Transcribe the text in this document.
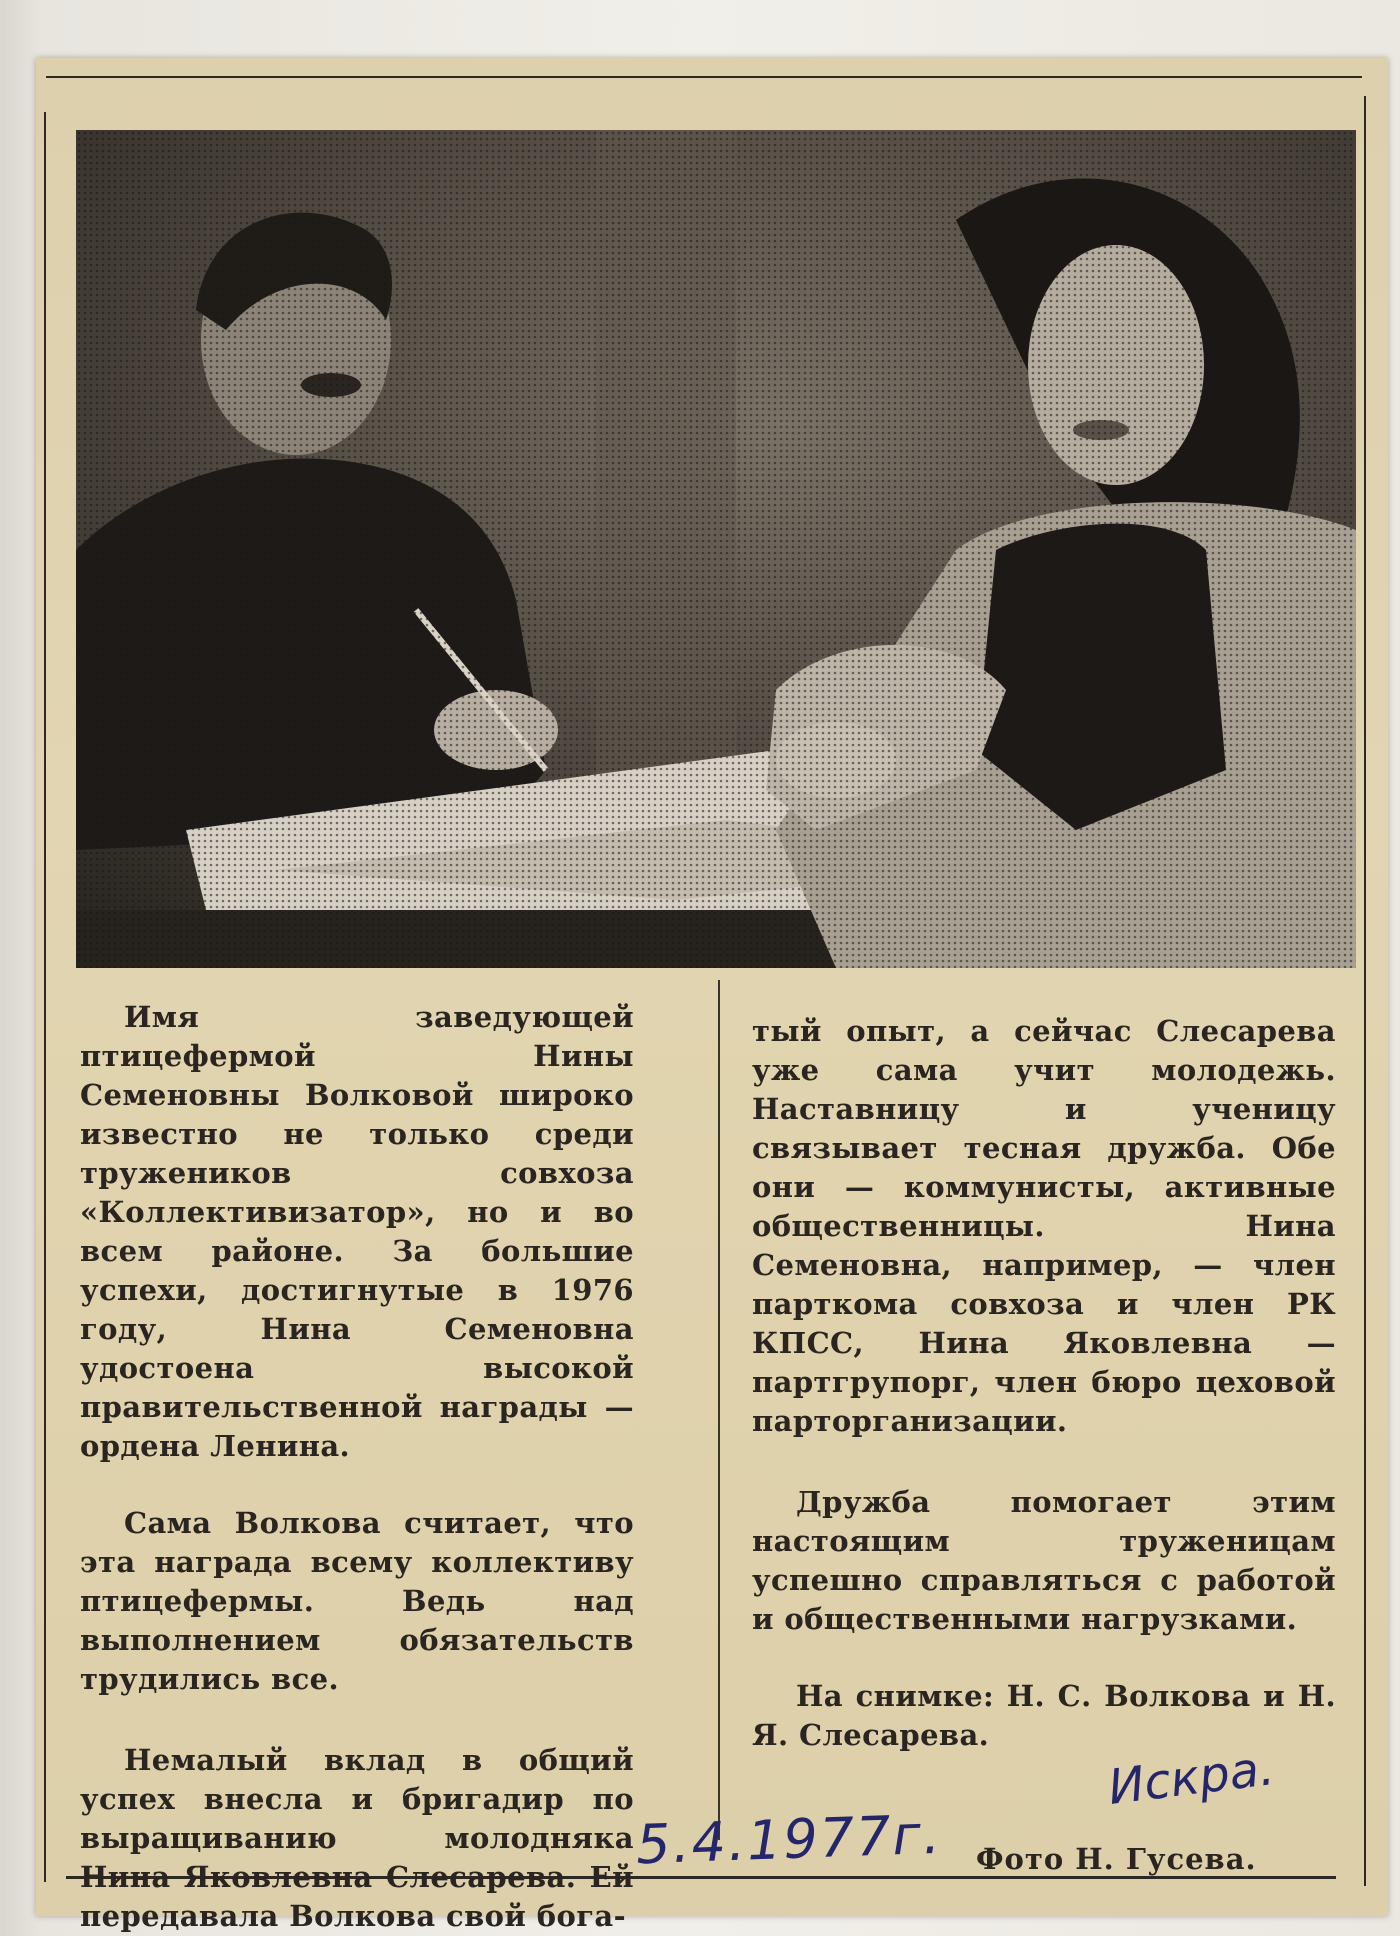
Имя заведующей птицефермой Нины Семеновны Волковой широко известно не только среди тружеников совхоза «Коллективизатор», но и во всем районе. За большие успехи, достигнутые в 1976 году, Нина Семеновна удостоена высокой правительственной награды — ордена Ленина.

Сама Волкова считает, что эта награда всему коллективу птицефермы. Ведь над выполнением обязательств трудились все.

Немалый вклад в общий успех внесла и бригадир по выращиванию молодняка Нина Яковлевна Слесарева. Ей передавала Волкова свой бога-

тый опыт, а сейчас Слесарева уже сама учит молодежь. Наставницу и ученицу связывает тесная дружба. Обе они — коммунисты, активные общественницы. Нина Семеновна, например, — член парткома совхоза и член РК КПСС, Нина Яковлевна — партгрупорг, член бюро цеховой парторганизации.

Дружба помогает этим настоящим труженицам успешно справляться с работой и общественными нагрузками.

На снимке: Н. С. Волкова и Н. Я. Слесарева.

5.4.1977г.
Искра.
Фото Н. Гусева.
